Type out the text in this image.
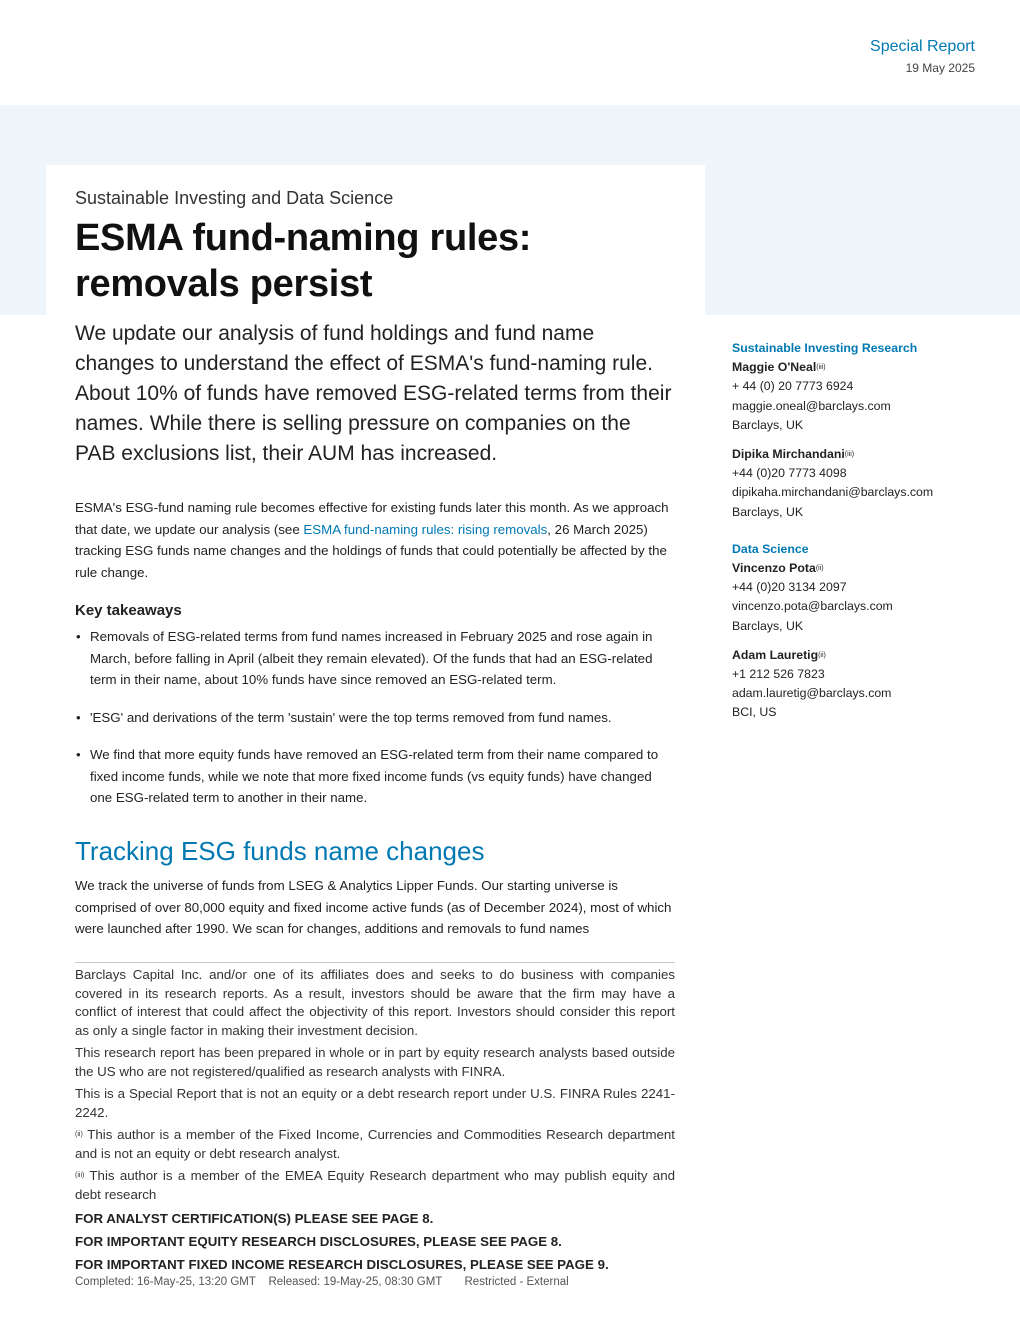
Special Report
19 May 2025
Sustainable Investing and Data Science
ESMA fund-naming rules: removals persist

We update our analysis of fund holdings and fund name changes to understand the effect of ESMA's fund-naming rule. About 10% of funds have removed ESG-related terms from their names. While there is selling pressure on companies on the PAB exclusions list, their AUM has increased.

ESMA's ESG-fund naming rule becomes effective for existing funds later this month. As we approach that date, we update our analysis (see ESMA fund-naming rules: rising removals, 26 March 2025) tracking ESG funds name changes and the holdings of funds that could potentially be affected by the rule change.

Key takeaways
• Removals of ESG-related terms from fund names increased in February 2025 and rose again in March, before falling in April (albeit they remain elevated). Of the funds that had an ESG-related term in their name, about 10% funds have since removed an ESG-related term.
• 'ESG' and derivations of the term 'sustain' were the top terms removed from fund names.
• We find that more equity funds have removed an ESG-related term from their name compared to fixed income funds, while we note that more fixed income funds (vs equity funds) have changed one ESG-related term to another in their name.
Tracking ESG funds name changes

We track the universe of funds from LSEG & Analytics Lipper Funds. Our starting universe is comprised of over 80,000 equity and fixed income active funds (as of December 2024), most of which were launched after 1990. We scan for changes, additions and removals to fund names

Barclays Capital Inc. and/or one of its affiliates does and seeks to do business with companies covered in its research reports. As a result, investors should be aware that the firm may have a conflict of interest that could affect the objectivity of this report. Investors should consider this report as only a single factor in making their investment decision.

This research report has been prepared in whole or in part by equity research analysts based outside the US who are not registered/qualified as research analysts with FINRA.

This is a Special Report that is not an equity or a debt research report under U.S. FINRA Rules 2241-2242.

$^{(ii)}$ This author is a member of the Fixed Income, Currencies and Commodities Research department and is not an equity or debt research analyst.

$^{(iii)}$ This author is a member of the EMEA Equity Research department who may publish equity and debt research

FOR ANALYST CERTIFICATION(S) PLEASE SEE PAGE 8.

FOR IMPORTANT EQUITY RESEARCH DISCLOSURES, PLEASE SEE PAGE 8.

FOR IMPORTANT FIXED INCOME RESEARCH DISCLOSURES, PLEASE SEE PAGE 9.

Completed: 16-May-25, 13:20 GMT Released: 19-May-25, 08:30 GMT Restricted - External
Sustainable Investing Research
Maggie O'Neal$^{(iii)}$
+ 44 (0) 20 7773 6924
maggie.oneal@barclays.com
Barclays, UK
Dipika Mirchandani$^{(iii)}$
+44 (0)20 7773 4098
dipikaha.mirchandani@barclays.com
Barclays, UK
Data Science
Vincenzo Pota$^{(ii)}$
+44 (0)20 3134 2097
vincenzo.pota@barclays.com
Barclays, UK
Adam Lauretig$^{(ii)}$
+1 212 526 7823
adam.lauretig@barclays.com
BCI, US
